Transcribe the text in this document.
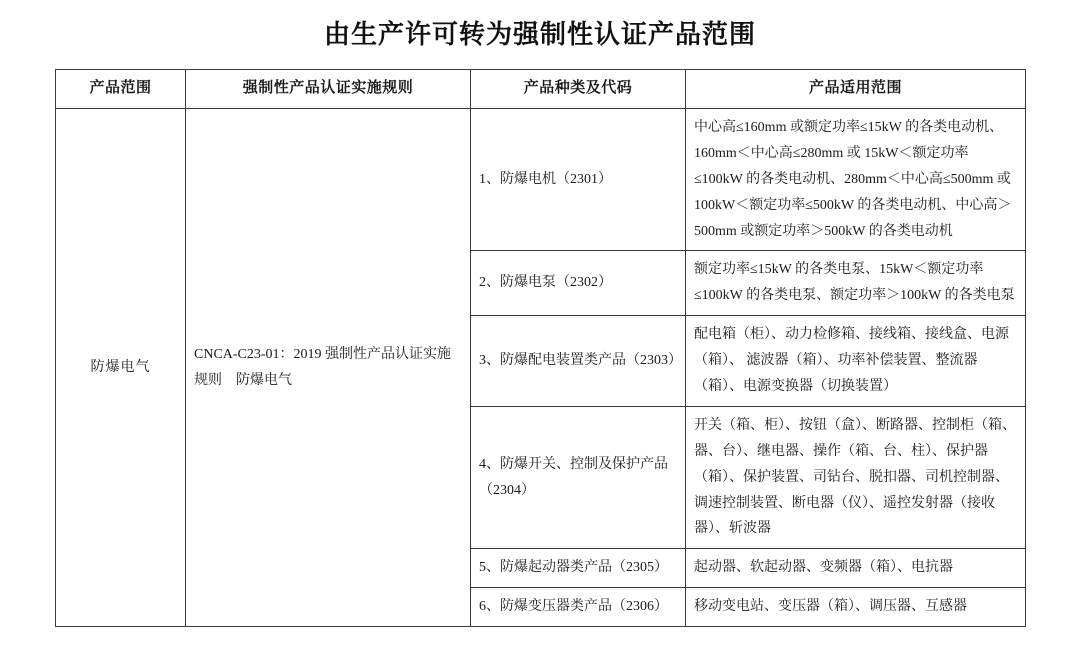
由生产许可转为强制性认证产品范围
产品范围	强制性产品认证实施规则	产品种类及代码	产品适用范围
防爆电气	CNCA-C23-01：2019 强制性产品认证实施规则　防爆电气	1、防爆电机（2301）	中心高≤160mm 或额定功率≤15kW 的各类电动机、160mm＜中心高≤280mm 或 15kW＜额定功率≤100kW 的各类电动机、280mm＜中心高≤500mm 或 100kW＜额定功率≤500kW 的各类电动机、中心高＞500mm 或额定功率＞500kW 的各类电动机
		2、防爆电泵（2302）	额定功率≤15kW 的各类电泵、15kW＜额定功率≤100kW 的各类电泵、额定功率＞100kW 的各类电泵
		3、防爆配电装置类产品（2303）	配电箱（柜）、动力检修箱、接线箱、接线盒、电源（箱）、 滤波器（箱）、功率补偿装置、整流器（箱）、电源变换器（切换装置）
		4、防爆开关、控制及保护产品（2304）	开关（箱、柜）、按钮（盒）、断路器、控制柜（箱、器、台）、继电器、操作（箱、台、柱）、保护器（箱）、保护装置、司钻台、脱扣器、司机控制器、调速控制装置、断电器（仪）、遥控发射器（接收器）、斩波器
		5、防爆起动器类产品（2305）	起动器、软起动器、变频器（箱）、电抗器
		6、防爆变压器类产品（2306）	移动变电站、变压器（箱）、调压器、互感器
